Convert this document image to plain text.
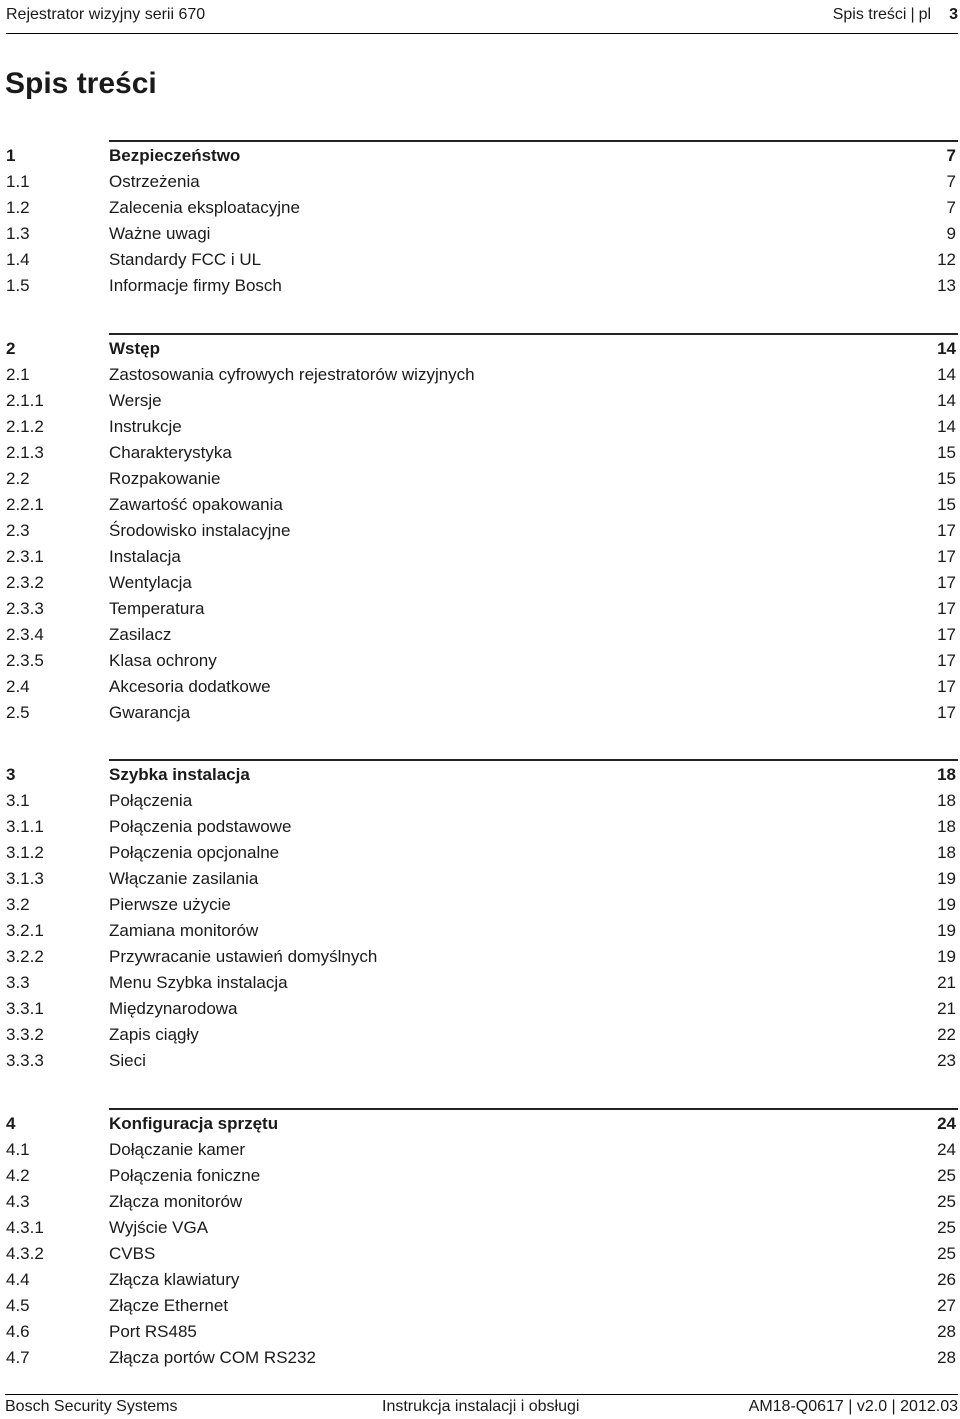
Rejestrator wizyjny serii 670	Spis treści | pl 3
Spis treści
1	Bezpieczeństwo	7
1.1	Ostrzeżenia	7
1.2	Zalecenia eksploatacyjne	7
1.3	Ważne uwagi	9
1.4	Standardy FCC i UL	12
1.5	Informacje firmy Bosch	13
2	Wstęp	14
2.1	Zastosowania cyfrowych rejestratorów wizyjnych	14
2.1.1	Wersje	14
2.1.2	Instrukcje	14
2.1.3	Charakterystyka	15
2.2	Rozpakowanie	15
2.2.1	Zawartość opakowania	15
2.3	Środowisko instalacyjne	17
2.3.1	Instalacja	17
2.3.2	Wentylacja	17
2.3.3	Temperatura	17
2.3.4	Zasilacz	17
2.3.5	Klasa ochrony	17
2.4	Akcesoria dodatkowe	17
2.5	Gwarancja	17
3	Szybka instalacja	18
3.1	Połączenia	18
3.1.1	Połączenia podstawowe	18
3.1.2	Połączenia opcjonalne	18
3.1.3	Włączanie zasilania	19
3.2	Pierwsze użycie	19
3.2.1	Zamiana monitorów	19
3.2.2	Przywracanie ustawień domyślnych	19
3.3	Menu Szybka instalacja	21
3.3.1	Międzynarodowa	21
3.3.2	Zapis ciągły	22
3.3.3	Sieci	23
4	Konfiguracja sprzętu	24
4.1	Dołączanie kamer	24
4.2	Połączenia foniczne	25
4.3	Złącza monitorów	25
4.3.1	Wyjście VGA	25
4.3.2	CVBS	25
4.4	Złącza klawiatury	26
4.5	Złącze Ethernet	27
4.6	Port RS485	28
4.7	Złącza portów COM RS232	28
Bosch Security Systems	Instrukcja instalacji i obsługi	AM18-Q0617 | v2.0 | 2012.03
